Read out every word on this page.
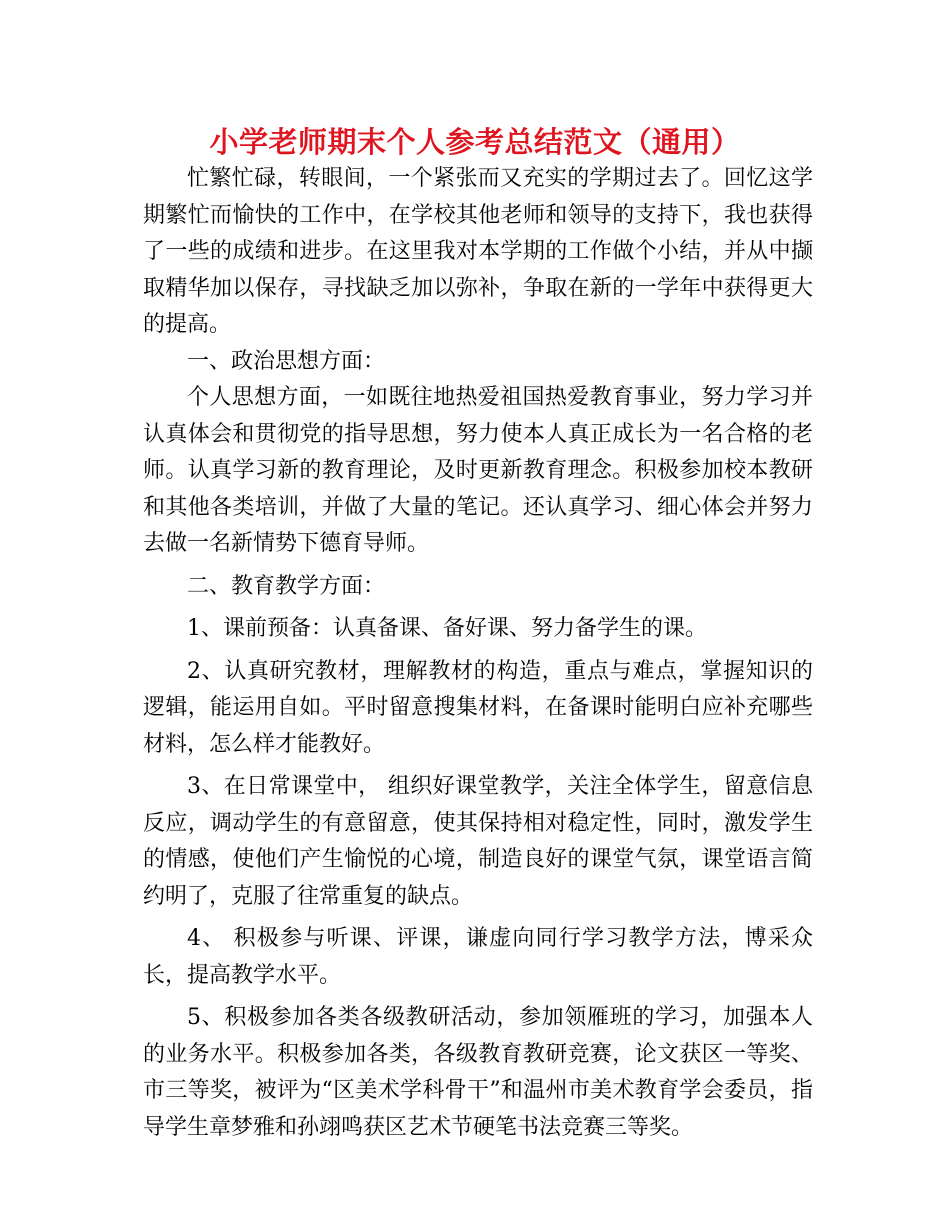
小学老师期末个人参考总结范文（通用）

忙繁忙碌，转眼间，一个紧张而又充实的学期过去了。回忆这学期繁忙而愉快的工作中，在学校其他老师和领导的支持下，我也获得了一些的成绩和进步。在这里我对本学期的工作做个小结，并从中撷取精华加以保存，寻找缺乏加以弥补，争取在新的一学年中获得更大的提高。

一、政治思想方面：

个人思想方面，一如既往地热爱祖国热爱教育事业，努力学习并认真体会和贯彻党的指导思想，努力使本人真正成长为一名合格的老师。认真学习新的教育理论，及时更新教育理念。积极参加校本教研和其他各类培训，并做了大量的笔记。还认真学习、细心体会并努力去做一名新情势下德育导师。

二、教育教学方面：

1、课前预备：认真备课、备好课、努力备学生的课。

2、认真研究教材，理解教材的构造，重点与难点，掌握知识的逻辑，能运用自如。平时留意搜集材料，在备课时能明白应补充哪些材料，怎么样才能教好。

3、在日常课堂中， 组织好课堂教学，关注全体学生，留意信息反应，调动学生的有意留意，使其保持相对稳定性，同时，激发学生的情感，使他们产生愉悦的心境，制造良好的课堂气氛，课堂语言简约明了，克服了往常重复的缺点。

4、 积极参与听课、评课，谦虚向同行学习教学方法，博采众长，提高教学水平。

5、积极参加各类各级教研活动，参加领雁班的学习，加强本人的业务水平。积极参加各类，各级教育教研竞赛，论文获区一等奖、市三等奖，被评为“区美术学科骨干”和温州市美术教育学会委员，指导学生章梦雅和孙翊鸣获区艺术节硬笔书法竞赛三等奖。
